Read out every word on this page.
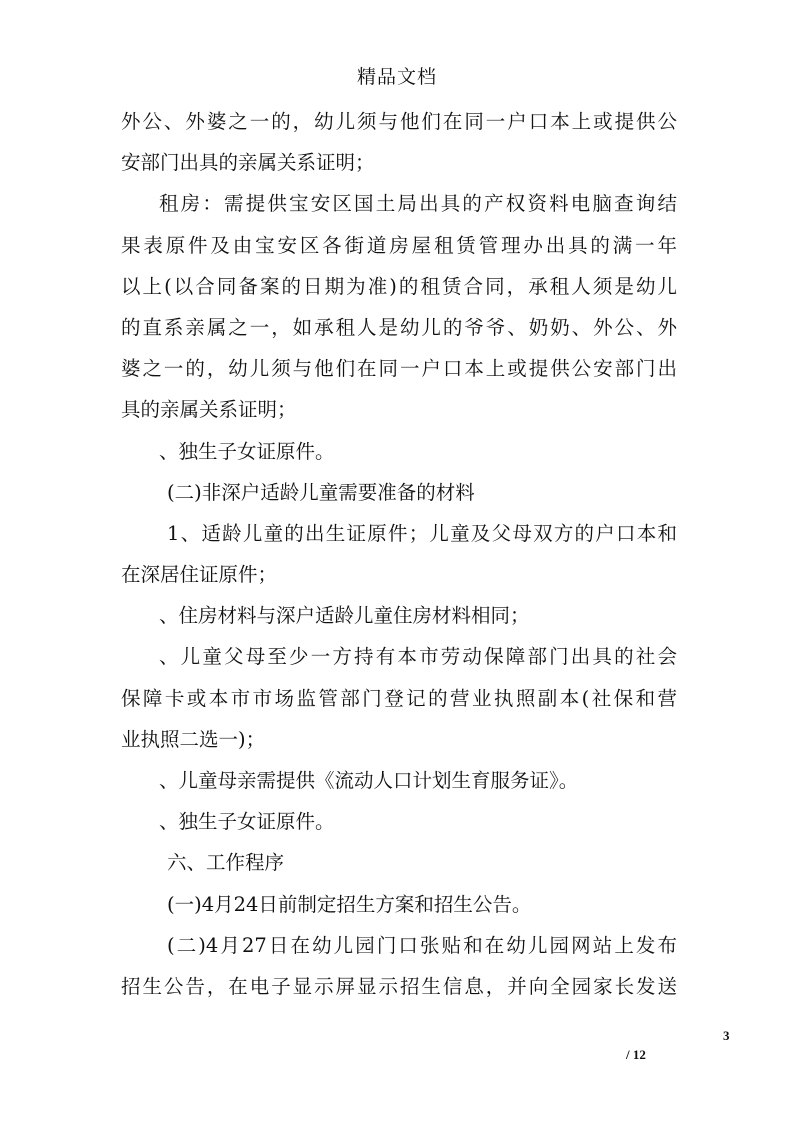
精品文档
外公、外婆之一的，幼儿须与他们在同一户口本上或提供公
安部门出具的亲属关系证明；
租房：需提供宝安区国土局出具的产权资料电脑查询结
果表原件及由宝安区各街道房屋租赁管理办出具的满一年
以上(以合同备案的日期为准)的租赁合同，承租人须是幼儿
的直系亲属之一，如承租人是幼儿的爷爷、奶奶、外公、外
婆之一的，幼儿须与他们在同一户口本上或提供公安部门出
具的亲属关系证明；
、独生子女证原件。
(二)非深户适龄儿童需要准备的材料
1、适龄儿童的出生证原件；儿童及父母双方的户口本和
在深居住证原件；
、住房材料与深户适龄儿童住房材料相同；
、儿童父母至少一方持有本市劳动保障部门出具的社会
保障卡或本市市场监管部门登记的营业执照副本(社保和营
业执照二选一)；
、儿童母亲需提供《流动人口计划生育服务证》。
、独生子女证原件。
六、工作程序
(一)4月24日前制定招生方案和招生公告。
(二)4月27日在幼儿园门口张贴和在幼儿园网站上发布
招生公告，在电子显示屏显示招生信息，并向全园家长发送
3
/ 12
